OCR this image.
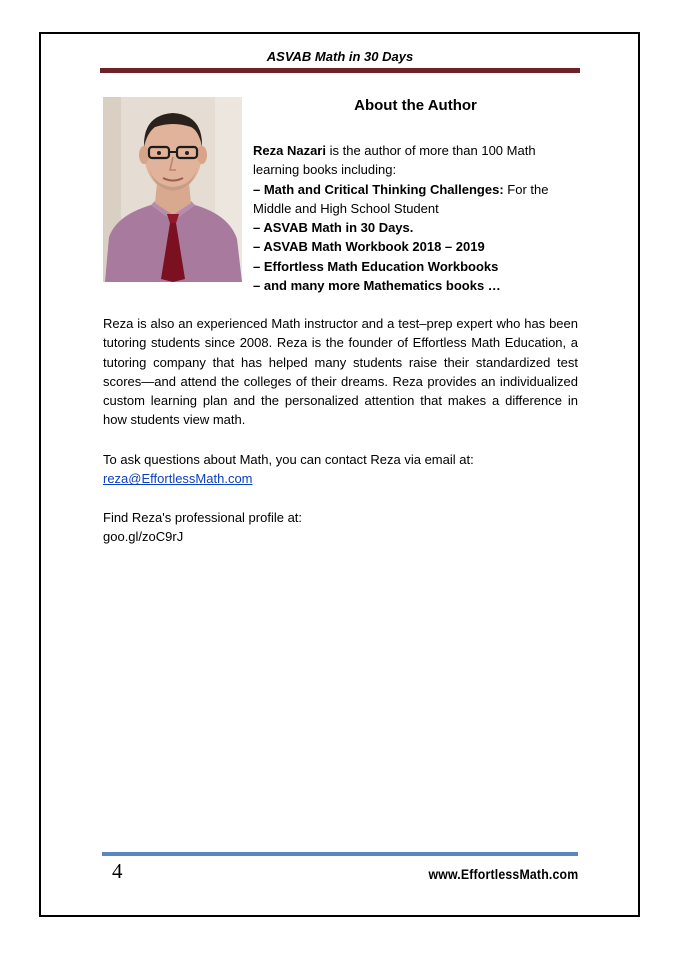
ASVAB Math in 30 Days
About the Author

Reza Nazari is the author of more than 100 Math learning books including:

– Math and Critical Thinking Challenges: For the Middle and High School Student

– ASVAB Math in 30 Days.

– ASVAB Math Workbook 2018 – 2019

– Effortless Math Education Workbooks

– and many more Mathematics books …

Reza is also an experienced Math instructor and a test–prep expert who has been tutoring students since 2008. Reza is the founder of Effortless Math Education, a tutoring company that has helped many students raise their standardized test scores—and attend the colleges of their dreams. Reza provides an individualized custom learning plan and the personalized attention that makes a difference in how students view math.

To ask questions about Math, you can contact Reza via email at:
reza@EffortlessMath.com
Find Reza's professional profile at:
goo.gl/zoC9rJ
4	www.EffortlessMath.com
